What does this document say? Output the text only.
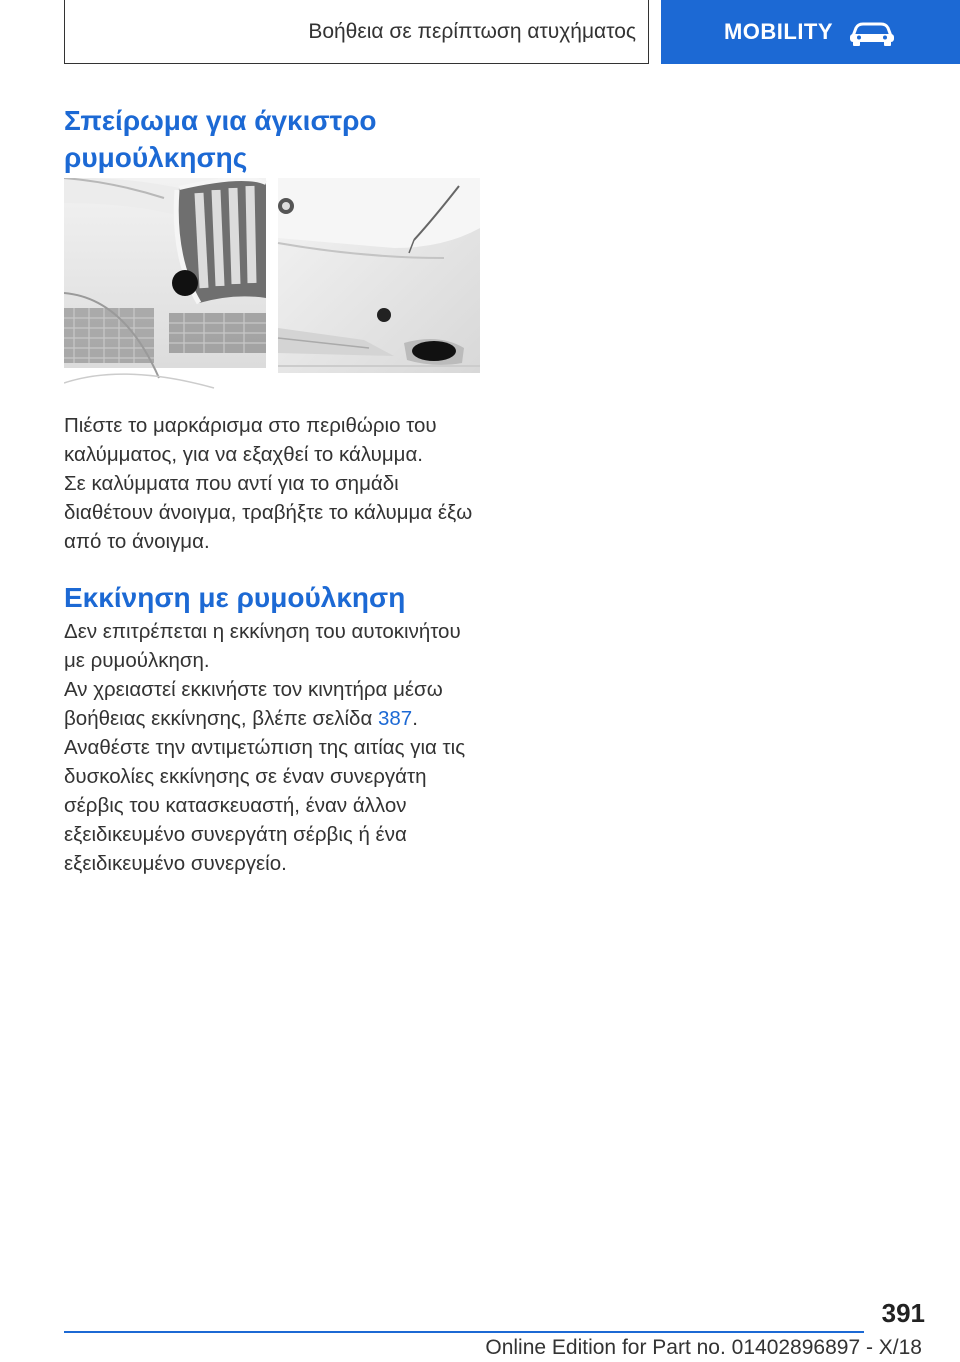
Βοήθεια σε περίπτωση ατυχήματος	MOBILITY
Σπείρωμα για άγκιστρο ρυμούλκησης

Πιέστε το μαρκάρισμα στο περιθώριο του καλύμματος, για να εξαχθεί το κάλυμμα.

Σε καλύμματα που αντί για το σημάδι διαθέτουν άνοιγμα, τραβήξτε το κάλυμμα έξω από το άνοιγμα.

Εκκίνηση με ρυμούλκηση

Δεν επιτρέπεται η εκκίνηση του αυτοκινήτου με ρυμούλκηση.

Αν χρειαστεί εκκινήστε τον κινητήρα μέσω βοήθειας εκκίνησης, βλέπε σελίδα 387.

Αναθέστε την αντιμετώπιση της αιτίας για τις δυσκολίες εκκίνησης σε έναν συνεργάτη σέρβις του κατασκευαστή, έναν άλλον εξειδικευμένο συνεργάτη σέρβις ή ένα εξειδικευμένο συνεργείο.

391
Online Edition for Part no. 01402896897 - X/18
